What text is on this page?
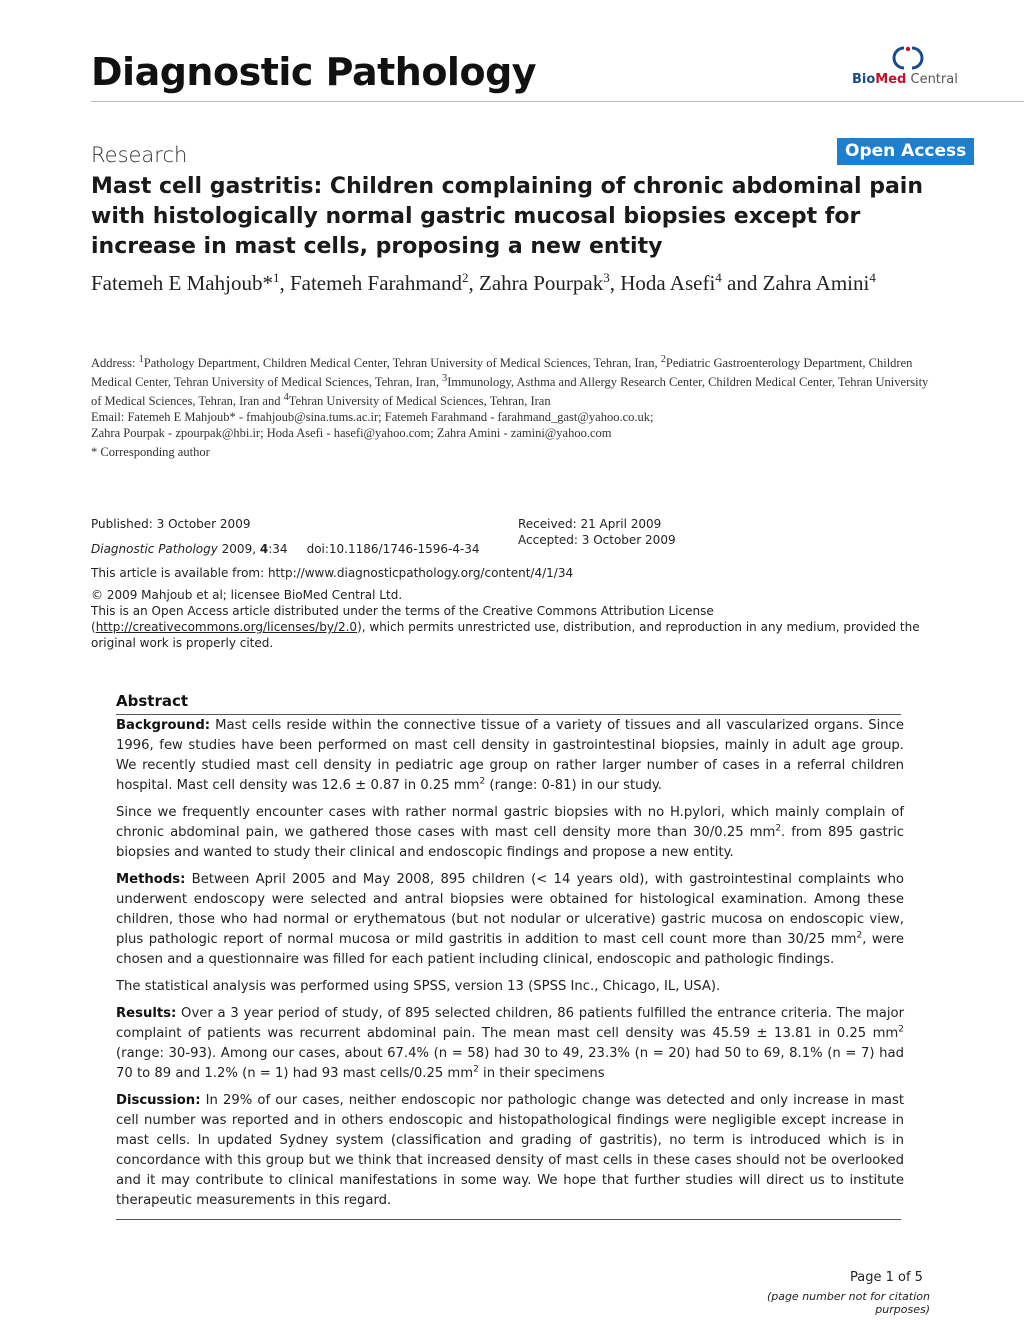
Diagnostic Pathology	BioMed Central
Research	Open Access
Mast cell gastritis: Children complaining of chronic abdominal pain with histologically normal gastric mucosal biopsies except for increase in mast cells, proposing a new entity
Fatemeh E Mahjoub*$^1$, Fatemeh Farahmand$^2$, Zahra Pourpak$^3$, Hoda Asefi$^4$ and Zahra Amini$^4$
Address: $^1$Pathology Department, Children Medical Center, Tehran University of Medical Sciences, Tehran, Iran, $^2$Pediatric Gastroenterology Department, Children Medical Center, Tehran University of Medical Sciences, Tehran, Iran, $^3$Immunology, Asthma and Allergy Research Center, Children Medical Center, Tehran University of Medical Sciences, Tehran, Iran and $^4$Tehran University of Medical Sciences, Tehran, Iran
Email: Fatemeh E Mahjoub* - fmahjoub@sina.tums.ac.ir; Fatemeh Farahmand - farahmand_gast@yahoo.co.uk;
Zahra Pourpak - zpourpak@hbi.ir; Hoda Asefi - hasefi@yahoo.com; Zahra Amini - zamini@yahoo.com
* Corresponding author
Published: 3 October 2009
Diagnostic Pathology 2009, 4:34     doi:10.1186/1746-1596-4-34
Received: 21 April 2009
Accepted: 3 October 2009
This article is available from: http://www.diagnosticpathology.org/content/4/1/34
© 2009 Mahjoub et al; licensee BioMed Central Ltd.
This is an Open Access article distributed under the terms of the Creative Commons Attribution License (http://creativecommons.org/licenses/by/2.0), which permits unrestricted use, distribution, and reproduction in any medium, provided the original work is properly cited.
Abstract

Background: Mast cells reside within the connective tissue of a variety of tissues and all vascularized organs. Since 1996, few studies have been performed on mast cell density in gastrointestinal biopsies, mainly in adult age group. We recently studied mast cell density in pediatric age group on rather larger number of cases in a referral children hospital. Mast cell density was 12.6 ± 0.87 in 0.25 $mm^2$ (range: 0-81) in our study.

Since we frequently encounter cases with rather normal gastric biopsies with no H.pylori, which mainly complain of chronic abdominal pain, we gathered those cases with mast cell density more than 30/0.25 $mm^2$. from 895 gastric biopsies and wanted to study their clinical and endoscopic findings and propose a new entity.

Methods: Between April 2005 and May 2008, 895 children (< 14 years old), with gastrointestinal complaints who underwent endoscopy were selected and antral biopsies were obtained for histological examination. Among these children, those who had normal or erythematous (but not nodular or ulcerative) gastric mucosa on endoscopic view, plus pathologic report of normal mucosa or mild gastritis in addition to mast cell count more than 30/25 $mm^2$, were chosen and a questionnaire was filled for each patient including clinical, endoscopic and pathologic findings.

The statistical analysis was performed using SPSS, version 13 (SPSS Inc., Chicago, IL, USA).

Results: Over a 3 year period of study, of 895 selected children, 86 patients fulfilled the entrance criteria. The major complaint of patients was recurrent abdominal pain. The mean mast cell density was 45.59 ± 13.81 in 0.25 $mm^2$ (range: 30-93). Among our cases, about 67.4% (n = 58) had 30 to 49, 23.3% (n = 20) had 50 to 69, 8.1% (n = 7) had 70 to 89 and 1.2% (n = 1) had 93 mast cells/0.25 $mm^2$ in their specimens

Discussion: In 29% of our cases, neither endoscopic nor pathologic change was detected and only increase in mast cell number was reported and in others endoscopic and histopathological findings were negligible except increase in mast cells. In updated Sydney system (classification and grading of gastritis), no term is introduced which is in concordance with this group but we think that increased density of mast cells in these cases should not be overlooked and it may contribute to clinical manifestations in some way. We hope that further studies will direct us to institute therapeutic measurements in this regard.

Page 1 of 5
(page number not for citation purposes)
